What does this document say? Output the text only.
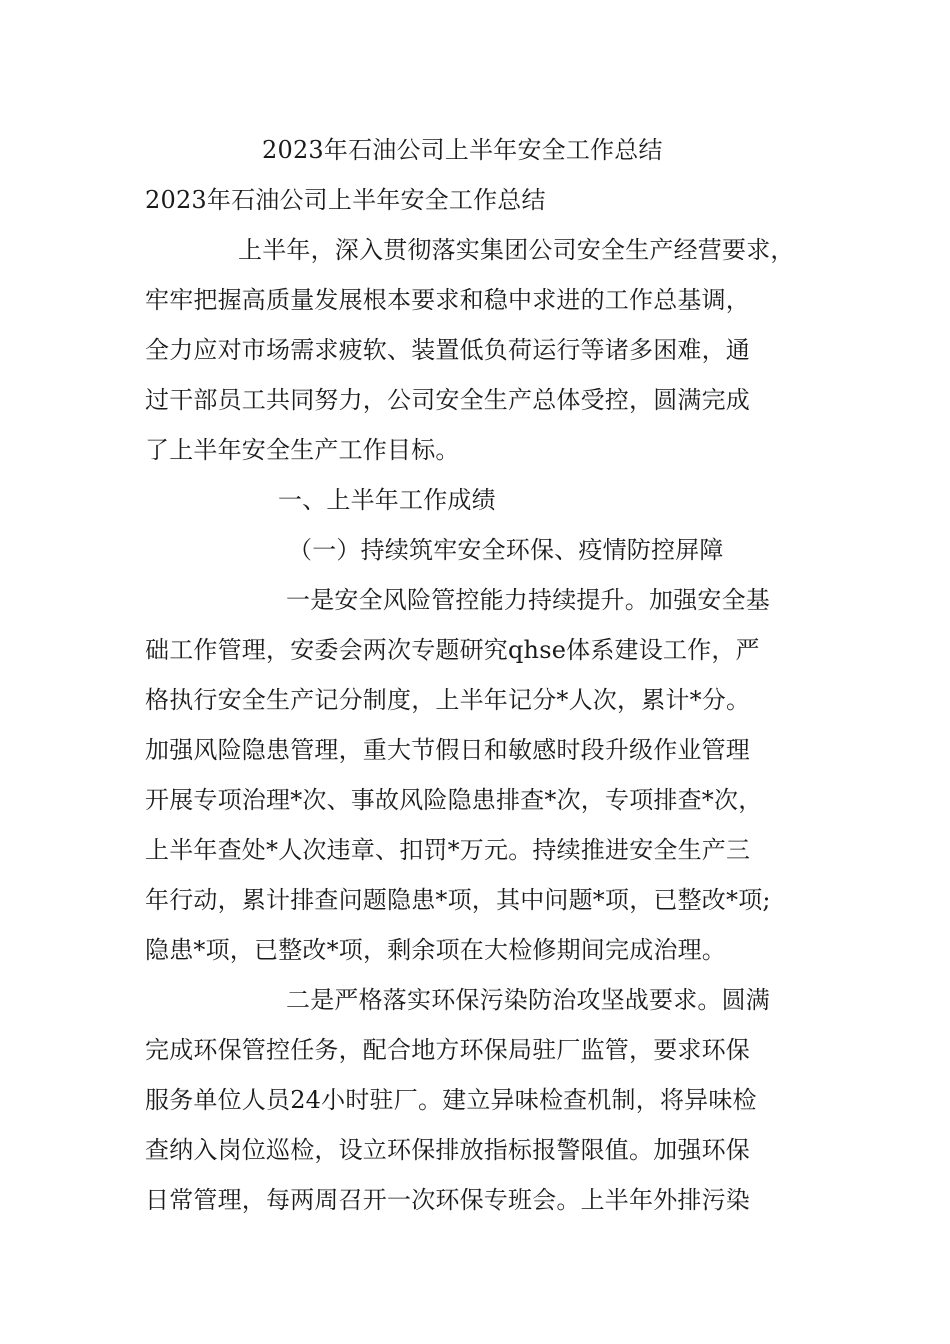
2023年石油公司上半年安全工作总结
2023年石油公司上半年安全工作总结
上半年，深入贯彻落实集团公司安全生产经营要求，
牢牢把握高质量发展根本要求和稳中求进的工作总基调，
全力应对市场需求疲软、装置低负荷运行等诸多困难，通
过干部员工共同努力，公司安全生产总体受控，圆满完成
了上半年安全生产工作目标。
一、上半年工作成绩
（一）持续筑牢安全环保、疫情防控屏障
一是安全风险管控能力持续提升。加强安全基
础工作管理，安委会两次专题研究qhse体系建设工作，严
格执行安全生产记分制度，上半年记分*人次，累计*分。
加强风险隐患管理，重大节假日和敏感时段升级作业管理
开展专项治理*次、事故风险隐患排查*次，专项排查*次，
上半年查处*人次违章、扣罚*万元。持续推进安全生产三
年行动，累计排查问题隐患*项，其中问题*项，已整改*项;
隐患*项，已整改*项，剩余项在大检修期间完成治理。
二是严格落实环保污染防治攻坚战要求。圆满
完成环保管控任务，配合地方环保局驻厂监管，要求环保
服务单位人员24小时驻厂。建立异味检查机制，将异味检
查纳入岗位巡检，设立环保排放指标报警限值。加强环保
日常管理，每两周召开一次环保专班会。上半年外排污染
